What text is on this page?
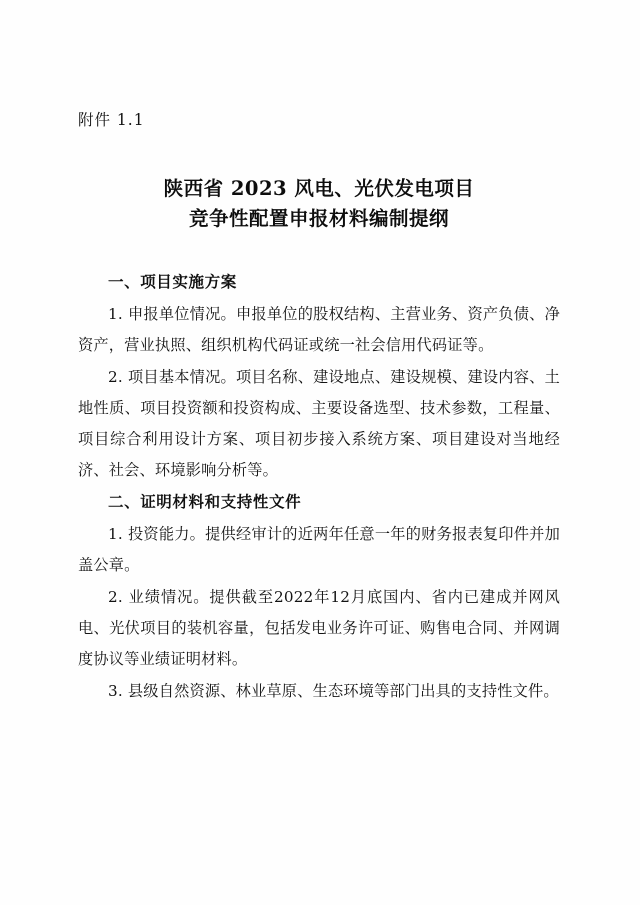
附件 1.1
陕西省 2023 风电、光伏发电项目
竞争性配置申报材料编制提纲
一、项目实施方案

1. 申报单位情况。申报单位的股权结构、主营业务、资产负债、净资产，营业执照、组织机构代码证或统一社会信用代码证等。

2. 项目基本情况。项目名称、建设地点、建设规模、建设内容、土地性质、项目投资额和投资构成、主要设备选型、技术参数，工程量、项目综合利用设计方案、项目初步接入系统方案、项目建设对当地经济、社会、环境影响分析等。

二、证明材料和支持性文件

1. 投资能力。提供经审计的近两年任意一年的财务报表复印件并加盖公章。

2. 业绩情况。提供截至2022年12月底国内、省内已建成并网风电、光伏项目的装机容量，包括发电业务许可证、购售电合同、并网调度协议等业绩证明材料。

3. 县级自然资源、林业草原、生态环境等部门出具的支持性文件。
